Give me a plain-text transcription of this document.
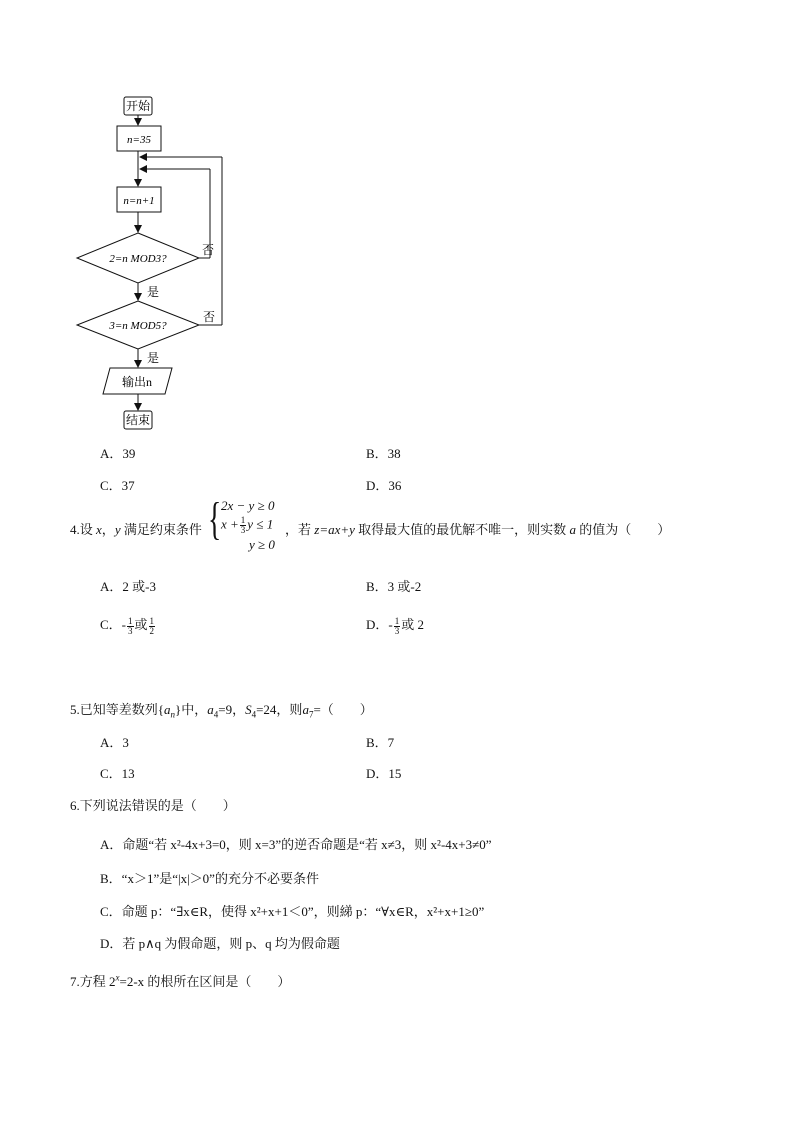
开始
n=35
n=n+1
2=n MOD3?
否
是
3=n MOD5?
否
是
输出n
结束
A．39	B．38
C．37	D．36
4.设 x，y 满足约束条件 { 2x − y ≥ 0
$x + \frac{1}{3}$ y ≤ 1
y ≥ 0
，若 z=ax+y 取得最大值的最优解不唯一，则实数 a 的值为（　　）
A．2 或-3	B．3 或-2
C．- $\frac{1}{3}$ 或 $\frac{1}{2}$	D．- $\frac{1}{3}$ 或 2
5.已知等差数列$\{a_n\}$中，$a_4=9$，$S_4=24$，则$a_7=$（　　）
A．3	B．7
C．13	D．15
6.下列说法错误的是（　　）
A．命题“若 x²-4x+3=0，则 x=3”的逆否命题是“若 x≠3，则 x²-4x+3≠0”
B．“x＞1”是“|x|＞0”的充分不必要条件
C．命题 p：“∃x∈R，使得 x²+x+1＜0”，则綈 p：“∀x∈R，x²+x+1≥0”
D．若 p∧q 为假命题，则 p、q 均为假命题
7.方程 $2^x=2-x$ 的根所在区间是（　　）
